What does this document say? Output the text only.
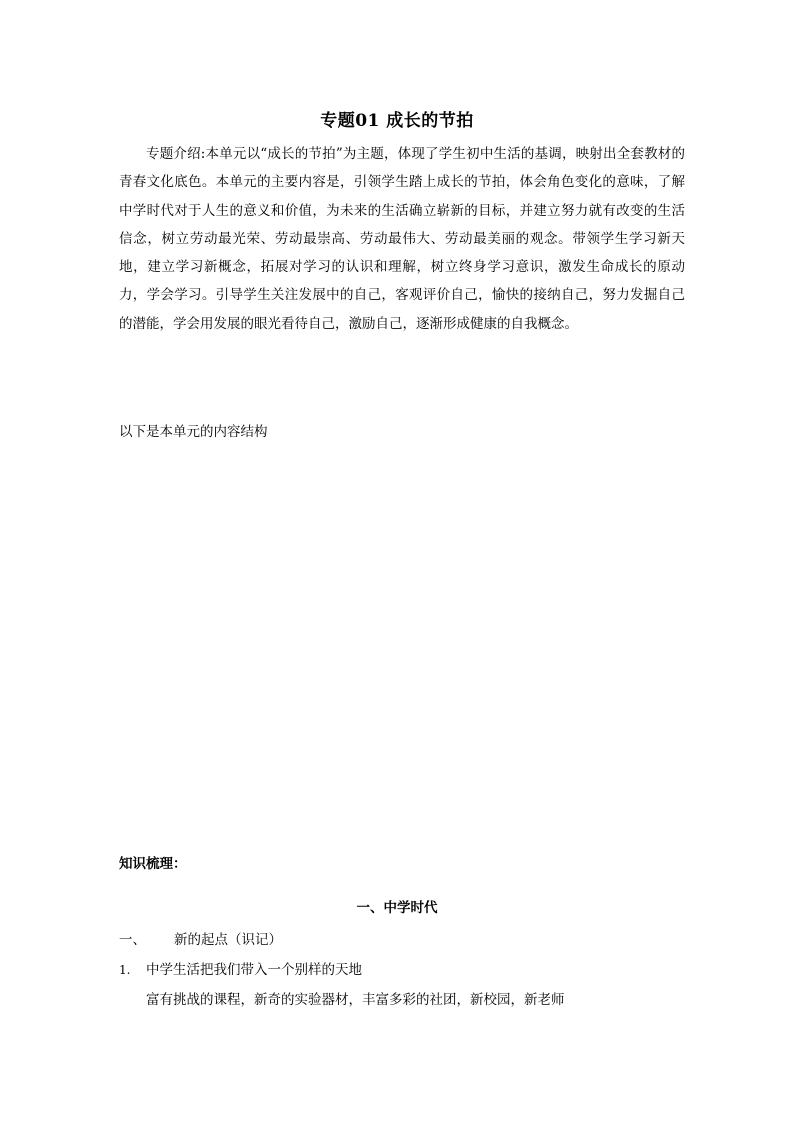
专题01 成长的节拍

专题介绍:本单元以“成长的节拍”为主题，体现了学生初中生活的基调，映射出全套教材的青春文化底色。本单元的主要内容是，引领学生踏上成长的节拍，体会角色变化的意味，了解中学时代对于人生的意义和价值，为未来的生活确立崭新的目标，并建立努力就有改变的生活信念，树立劳动最光荣、劳动最崇高、劳动最伟大、劳动最美丽的观念。带领学生学习新天地，建立学习新概念，拓展对学习的认识和理解，树立终身学习意识，激发生命成长的原动力，学会学习。引导学生关注发展中的自己，客观评价自己，愉快的接纳自己，努力发掘自己的潜能，学会用发展的眼光看待自己，激励自己，逐渐形成健康的自我概念。

以下是本单元的内容结构
知识梳理：
一、中学时代
一、 新的起点（识记）
1. 中学生活把我们带入一个别样的天地
富有挑战的课程，新奇的实验器材，丰富多彩的社团，新校园，新老师
